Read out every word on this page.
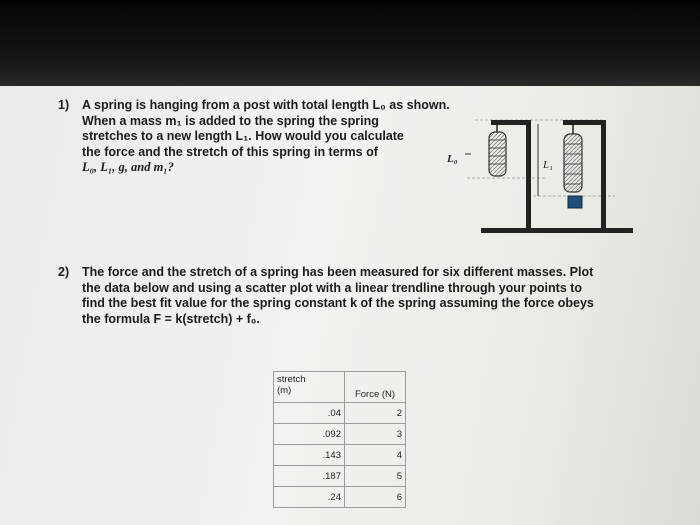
1) A spring is hanging from a post with total length L₀ as shown.
When a mass m₁ is added to the spring the spring
stretches to a new length L₁. How would you calculate
the force and the stretch of this spring in terms of
L₀, L₁, g, and m₁?	L₁
L₀
2) The force and the stretch of a spring has been measured for six different masses. Plot
the data below and using a scatter plot with a linear trendline through your points to
find the best fit value for the spring constant k of the spring assuming the force obeys
the formula F = k(stretch) + f₀.
stretch
(m)	Force (N)
.04	2
.092	3
.143	4
.187	5
.24	6
